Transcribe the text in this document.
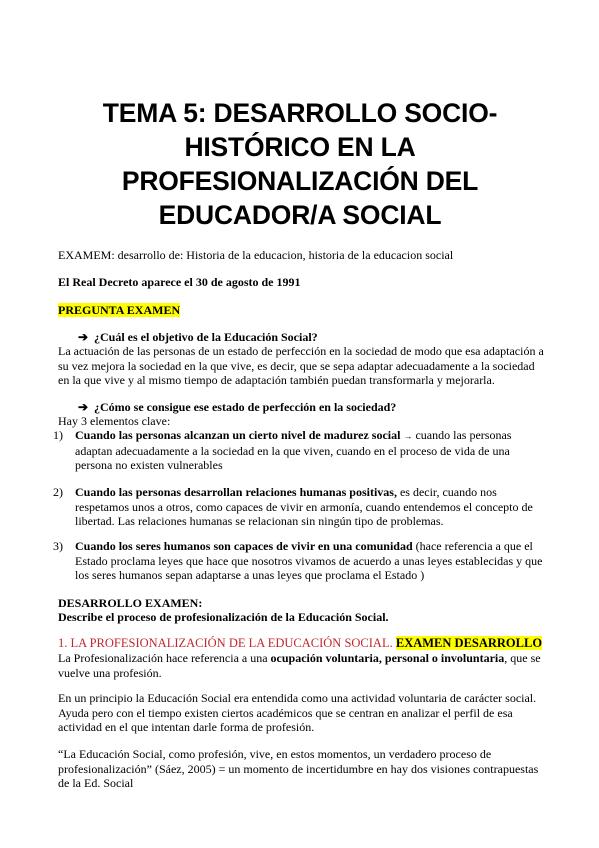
TEMA 5: DESARROLLO SOCIO-
HISTÓRICO EN LA
PROFESIONALIZACIÓN DEL
EDUCADOR/A SOCIAL
EXAMEM: desarrollo de: Historia de la educacion, historia de la educacion social
El Real Decreto aparece el 30 de agosto de 1991
PREGUNTA EXAMEN
➔ ¿Cuál es el objetivo de la Educación Social?
La actuación de las personas de un estado de perfección en la sociedad de modo que esa adaptación a su vez mejora la sociedad en la que vive, es decir, que se sepa adaptar adecuadamente a la sociedad en la que vive y al mismo tiempo de adaptación también puedan transformarla y mejorarla.
➔ ¿Cómo se consigue ese estado de perfección en la sociedad?
Hay 3 elementos clave:
1) Cuando las personas alcanzan un cierto nivel de madurez social → cuando las personas adaptan adecuadamente a la sociedad en la que viven, cuando en el proceso de vida de una persona no existen vulnerables
2) Cuando las personas desarrollan relaciones humanas positivas, es decir, cuando nos respetamos unos a otros, como capaces de vivir en armonía, cuando entendemos el concepto de libertad. Las relaciones humanas se relacionan sin ningún tipo de problemas.
3) Cuando los seres humanos son capaces de vivir en una comunidad (hace referencia a que el Estado proclama leyes que hace que nosotros vivamos de acuerdo a unas leyes establecidas y que los seres humanos sepan adaptarse a unas leyes que proclama el Estado )
DESARROLLO EXAMEN:
Describe el proceso de profesionalización de la Educación Social.
1. LA PROFESIONALIZACIÓN DE LA EDUCACIÓN SOCIAL. EXAMEN DESARROLLO
La Profesionalización hace referencia a una ocupación voluntaria, personal o involuntaria, que se vuelve una profesión.
En un principio la Educación Social era entendida como una actividad voluntaria de carácter social. Ayuda pero con el tiempo existen ciertos académicos que se centran en analizar el perfil de esa actividad en el que intentan darle forma de profesión.
“La Educación Social, como profesión, vive, en estos momentos, un verdadero proceso de profesionalización” (Sáez, 2005) = un momento de incertidumbre en hay dos visiones contrapuestas de la Ed. Social
